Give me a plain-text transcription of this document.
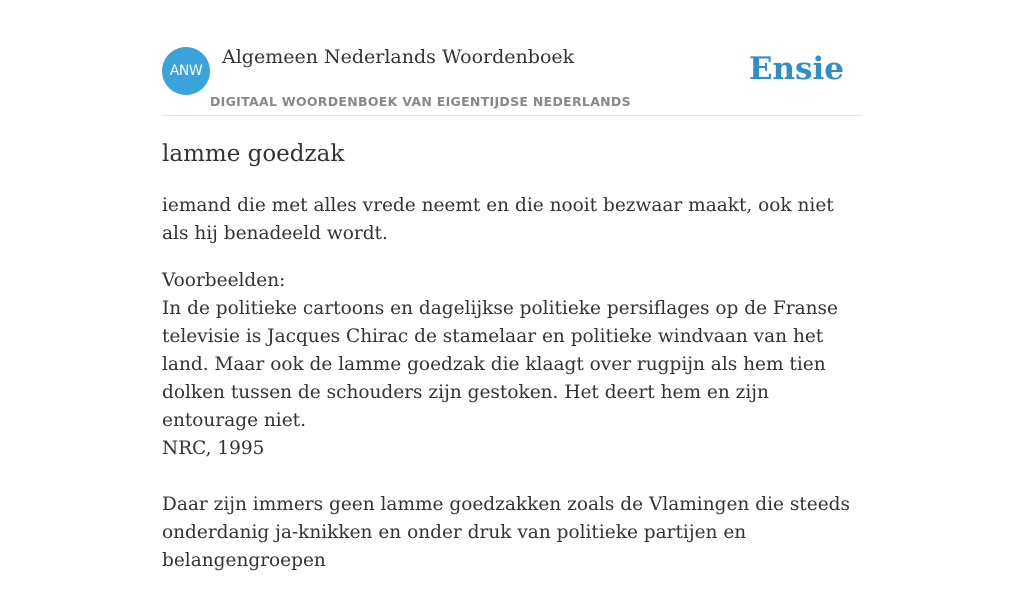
ANW
Algemeen Nederlands Woordenboek
DIGITAAL WOORDENBOEK VAN EIGENTIJDSE NEDERLANDS
Ensie
lamme goedzak

iemand die met alles vrede neemt en die nooit bezwaar maakt, ook niet als hij benadeeld wordt.

Voorbeelden:

In de politieke cartoons en dagelijkse politieke persiflages op de Franse televisie is Jacques Chirac de stamelaar en politieke windvaan van het land. Maar ook de lamme goedzak die klaagt over rugpijn als hem tien dolken tussen de schouders zijn gestoken. Het deert hem en zijn entourage niet.

NRC, 1995

Daar zijn immers geen lamme goedzakken zoals de Vlamingen die steeds onderdanig ja-knikken en onder druk van politieke partijen en belangengroepen
